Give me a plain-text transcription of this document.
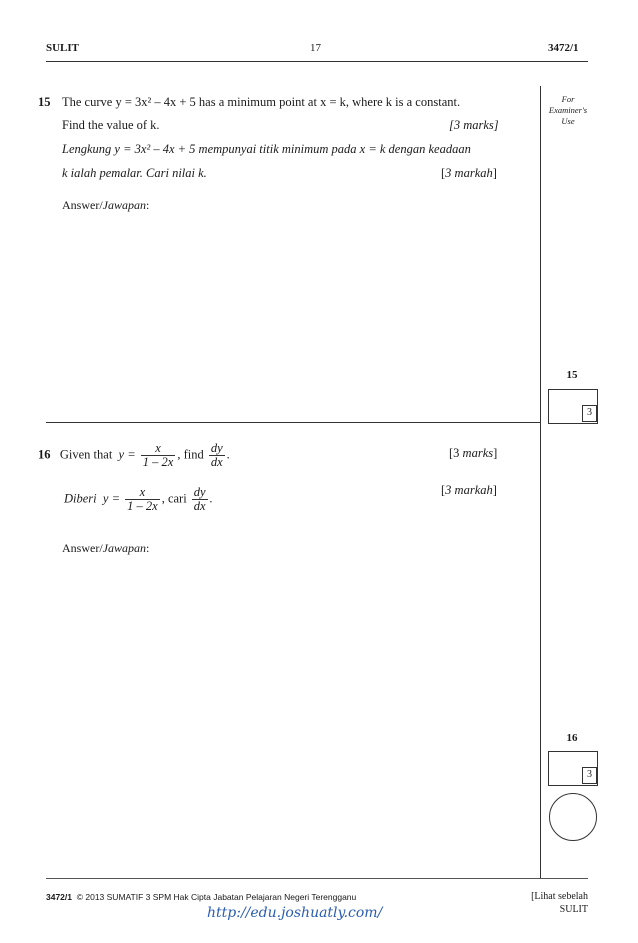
SULIT	17	3472/1
For
Examiner's
Use
15 The curve y = 3x² – 4x + 5 has a minimum point at x = k, where k is a constant.
Find the value of k.	[3 marks]
Lengkung y = 3x² – 4x + 5 mempunyai titik minimum pada x = k dengan keadaan
k ialah pemalar. Cari nilai k.	[3 markah]
Answer/Jawapan:
15
3
16 Given that $y = \frac{x}{1 - 2x}$ , find $\frac{dy}{dx}$ .	[3 marks]
Diberi $y = \frac{x}{1 - 2x}$ , cari $\frac{dy}{dx}$ .
[3 markah]
Answer/Jawapan:
16
3
3472/1 © 2013 SUMATIF 3 SPM Hak Cipta Jabatan Pelajaran Negeri Terengganu	[Lihat sebelah
SULIT
http://edu.joshuatly.com/
